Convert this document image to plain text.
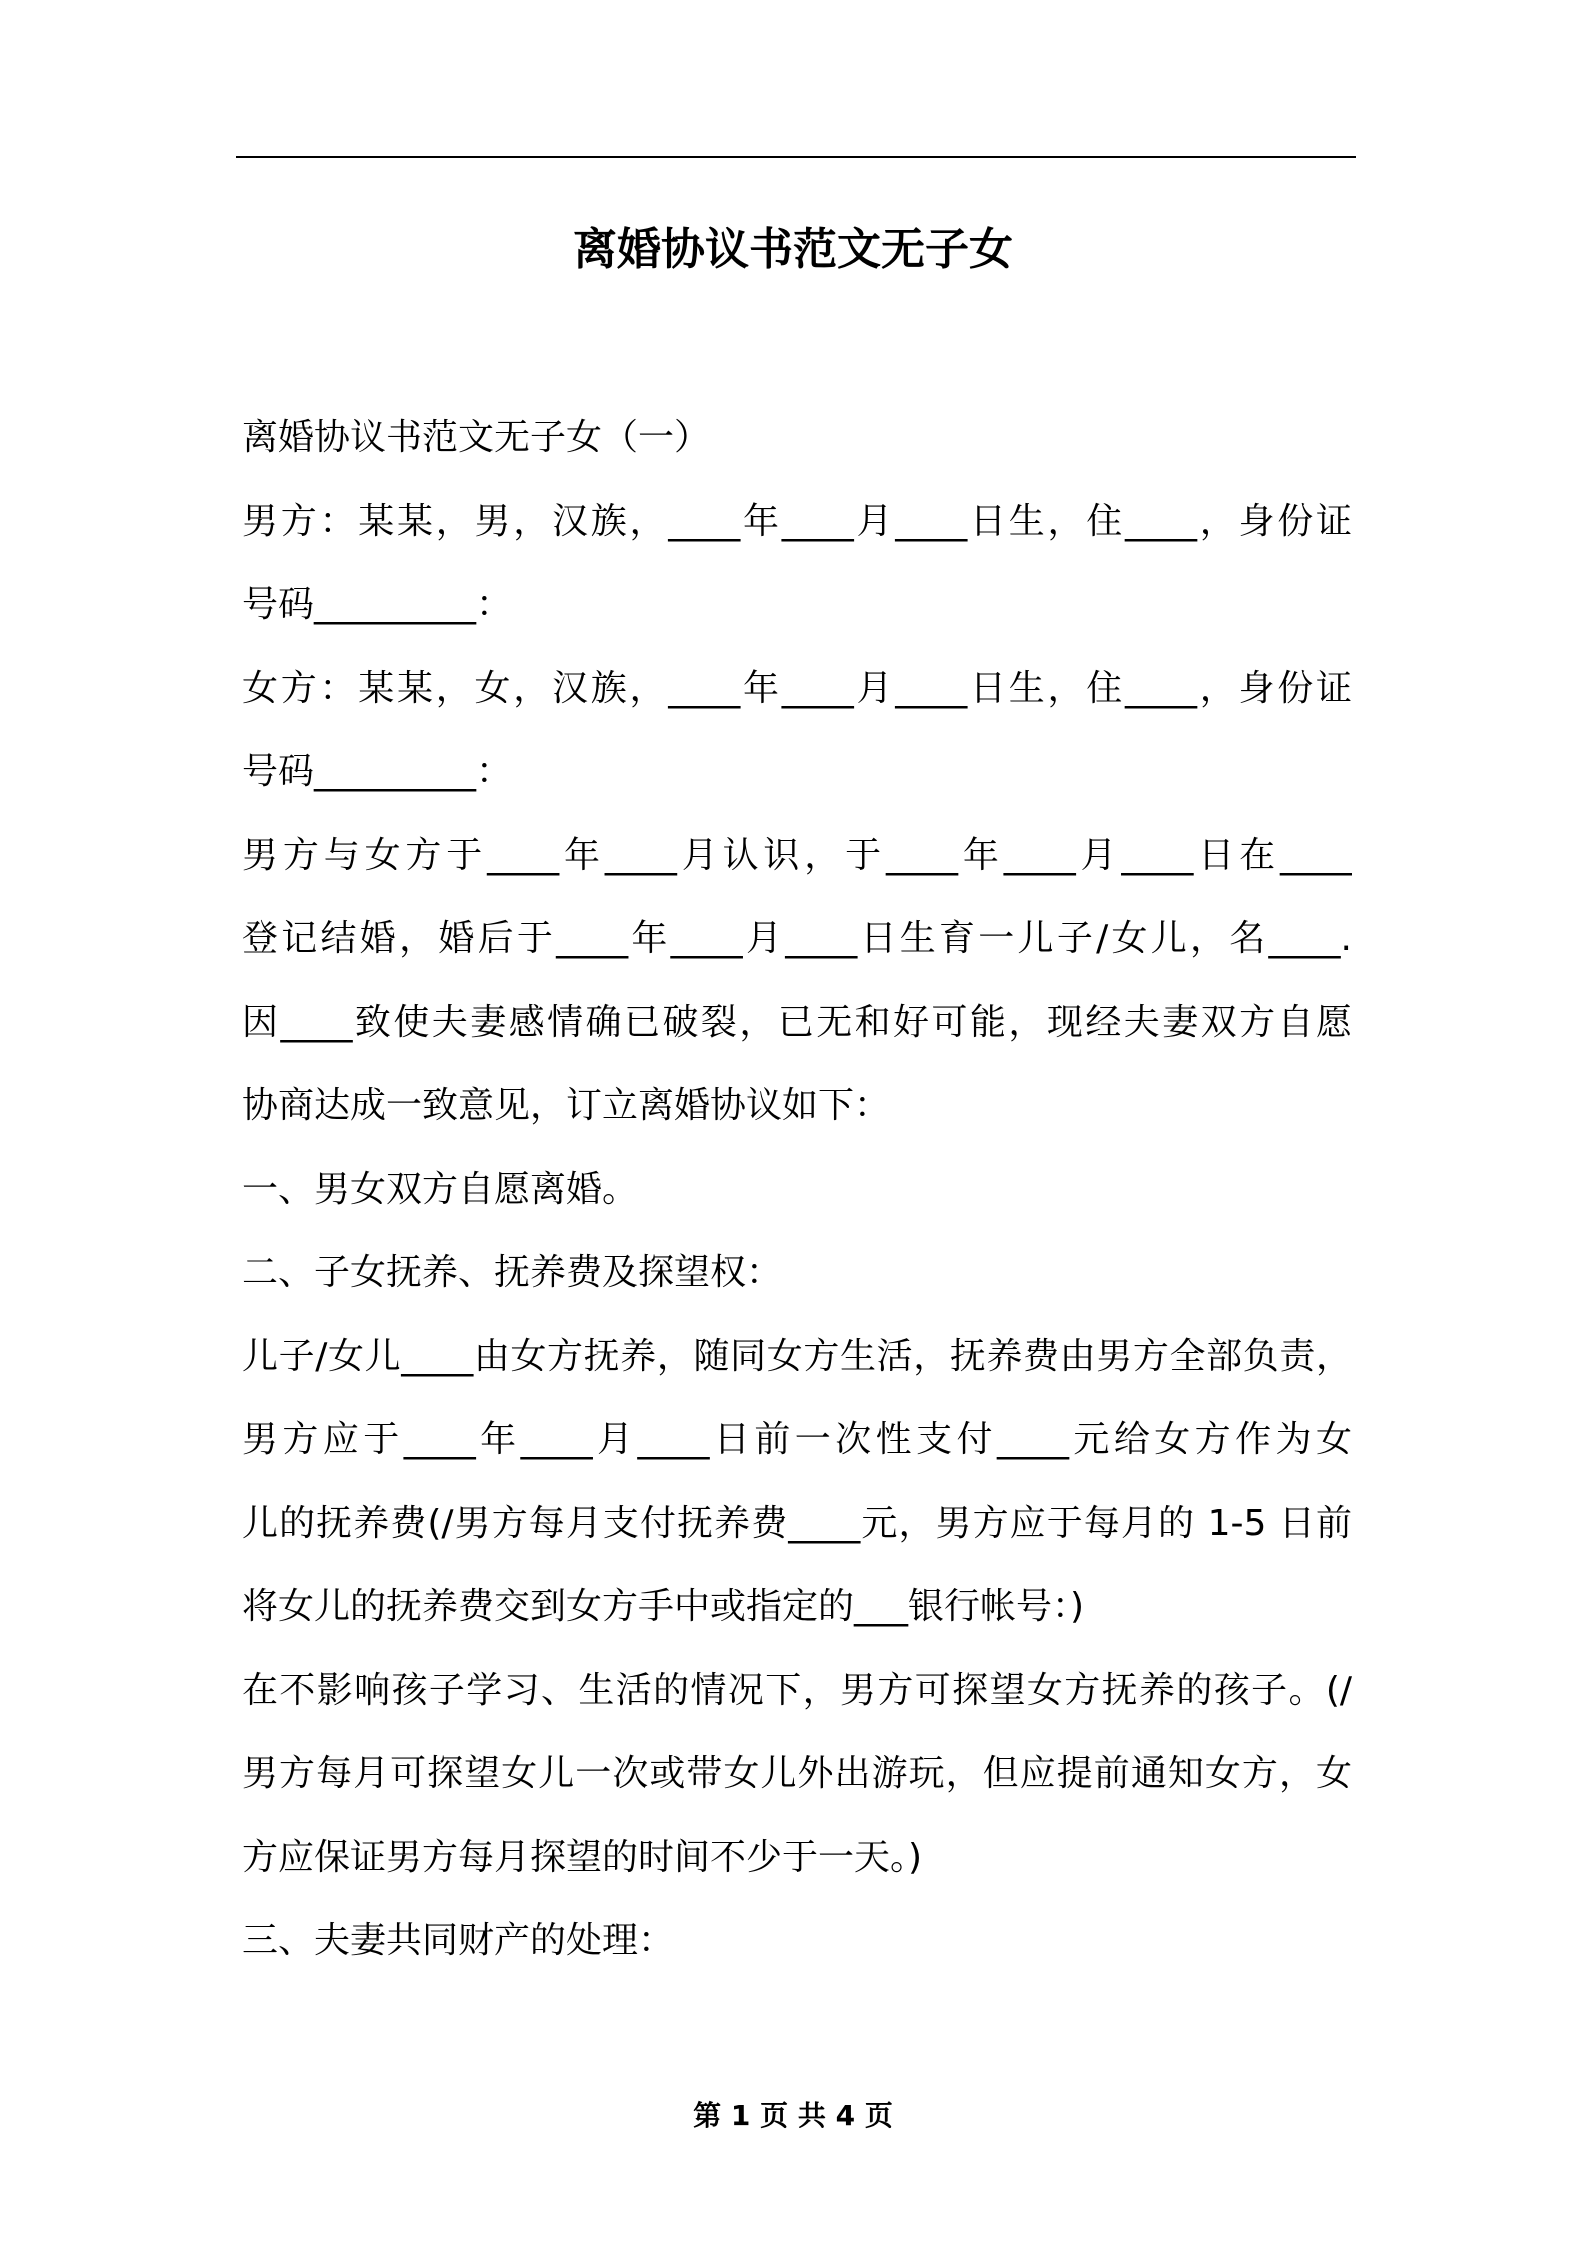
离婚协议书范文无子女
离婚协议书范文无子女（一）
男方：某某，男，汉族，____年____月____日生，住____，身份证
号码_________：
女方：某某，女，汉族，____年____月____日生，住____，身份证
号码_________：
男方与女方于____年____月认识，于____年____月____日在____
登记结婚，婚后于____年____月____日生育一儿子/女儿，名____.
因____致使夫妻感情确已破裂，已无和好可能，现经夫妻双方自愿
协商达成一致意见，订立离婚协议如下：
一、男女双方自愿离婚。
二、子女抚养、抚养费及探望权：
儿子/女儿____由女方抚养，随同女方生活，抚养费由男方全部负责，
男方应于____年____月____日前一次性支付____元给女方作为女
儿的抚养费(/男方每月支付抚养费____元，男方应于每月的 1-5 日前
将女儿的抚养费交到女方手中或指定的___银行帐号：)
在不影响孩子学习、生活的情况下，男方可探望女方抚养的孩子。(/
男方每月可探望女儿一次或带女儿外出游玩，但应提前通知女方，女
方应保证男方每月探望的时间不少于一天。)
三、夫妻共同财产的处理：
第 1 页 共 4 页
